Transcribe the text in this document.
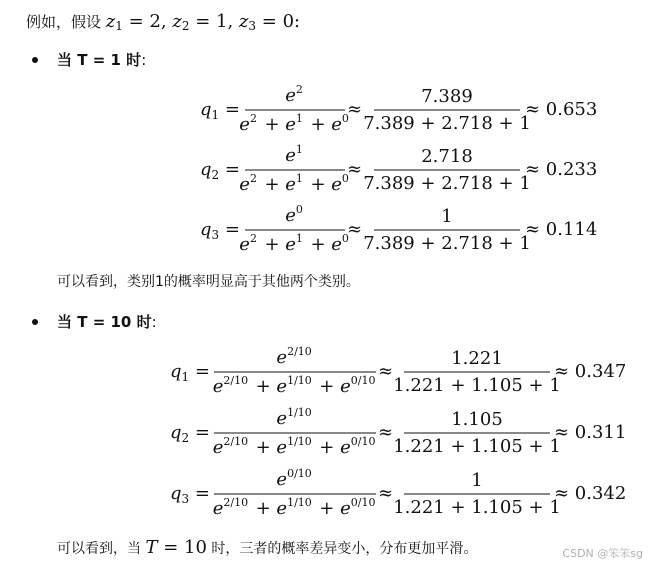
例如，假设 $z_1 = 2$, $z_2 = 1$, $z_3 = 0$:
当 T = 1 时:
可以看到，类别1的概率明显高于其他两个类别。
当 T = 10 时:
可以看到，当 T = 10 时，三者的概率差异变小，分布更加平滑。
$q_1$ =
$e^2$ 
$e^2$  + $e^1$  + $e^0$ 
≈
7.389
7.389 + 2.718 + 1
≈ 0.653
$q_2$ =
$e^1$ 
$e^2$  + $e^1$  + $e^0$ 
≈
2.718
7.389 + 2.718 + 1
≈ 0.233
$q_3$ =
$e^0$ 
$e^2$  + $e^1$  + $e^0$ 
≈
1
7.389 + 2.718 + 1
≈ 0.114
$q_1$ =
$e^{2/10}$ 
$e^{2/10}$  + $e^{1/10}$  + $e^{0/10}$  ≈
1.221
1.221 + 1.105 + 1
≈ 0.347
$q_2$ =
$e^{1/10}$ 
$e^{2/10}$  + $e^{1/10}$  + $e^{0/10}$  ≈
1.105
1.221 + 1.105 + 1
≈ 0.311
$q_3$ =
$e^{0/10}$ 
$e^{2/10}$  + $e^{1/10}$  + $e^{0/10}$  ≈
1
1.221 + 1.105 + 1
≈ 0.342
CSDN @笨笨sg
